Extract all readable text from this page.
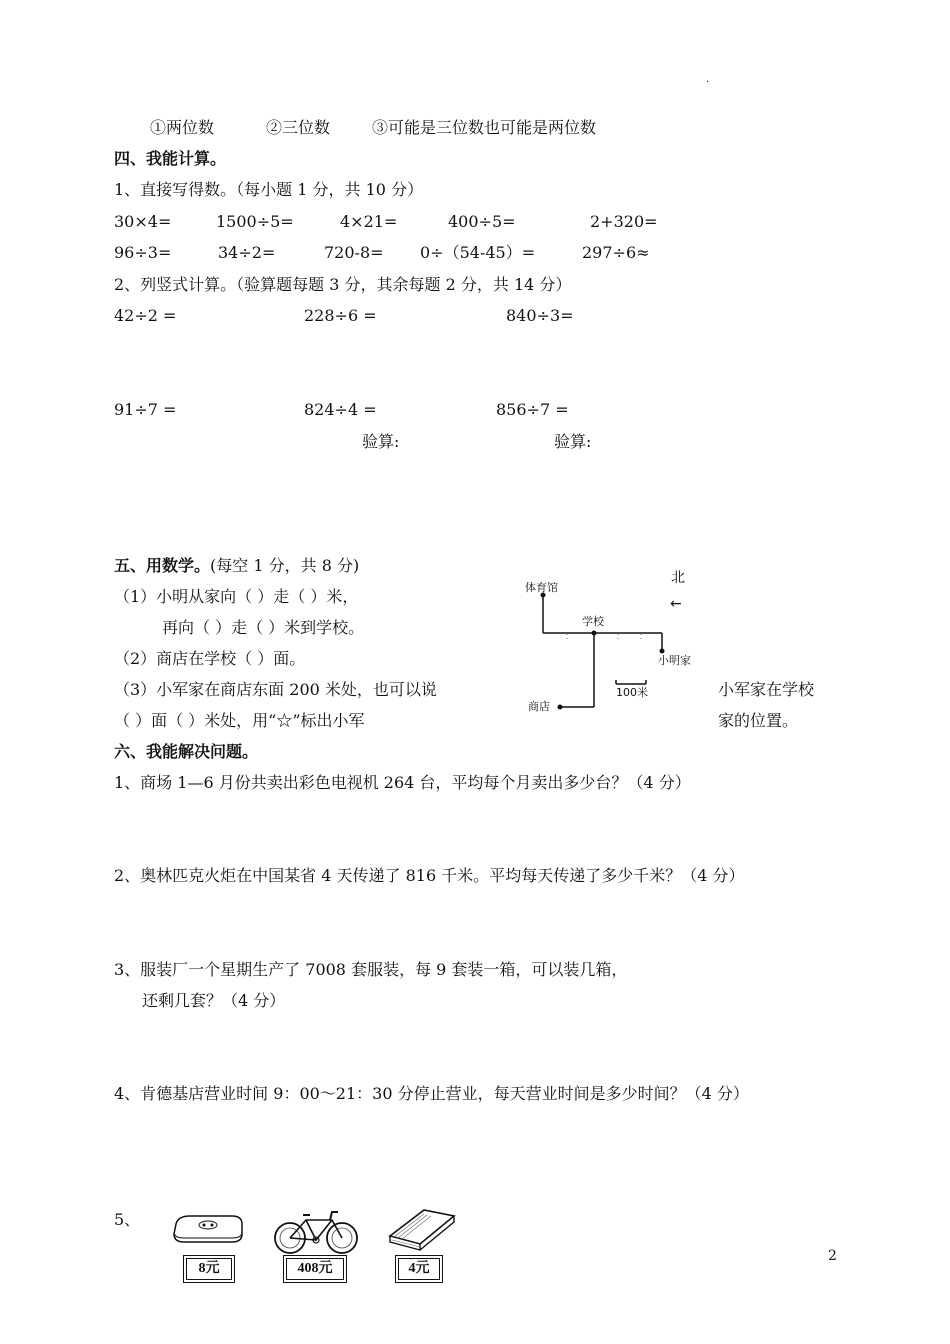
.
①两位数	②三位数	③可能是三位数也可能是两位数
四、我能计算。
1、直接写得数。（每小题 1 分，共 10 分）
30×4=	1500÷5=	4×21=	400÷5=	2+320=
96÷3=	34÷2=	720-8= 0÷（54-45）=	297÷6≈
2、列竖式计算。（验算题每题 3 分，其余每题 2 分，共 14 分）
42÷2 =	228÷6 =	840÷3=
91÷7 =	824÷4 =	856÷7 =
验算:	验算:
五、用数学。(每空 1 分，共 8 分)
（1）小明从家向（ ）走（ ）米，
再向（ ）走（ ）米到学校。
（2）商店在学校（ ）面。
（3）小军家在商店东面 200 米处，也可以说	小军家在学校
（ ）面（ ）米处，用“☆”标出小军	家的位置。
体育馆
学校
小明家
商店
100米
北
←
六、我能解决问题。
1、商场 1—6 月份共卖出彩色电视机 264 台，平均每个月卖出多少台？（4 分）
2、奥林匹克火炬在中国某省 4 天传递了 816 千米。平均每天传递了多少千米？（4 分）
3、服装厂一个星期生产了 7008 套服装，每 9 套装一箱，可以装几箱，
还剩几套？（4 分）
4、肯德基店营业时间 9：00～21：30 分停止营业，每天营业时间是多少时间？（4 分）
5、
8元	408元	4元
2
